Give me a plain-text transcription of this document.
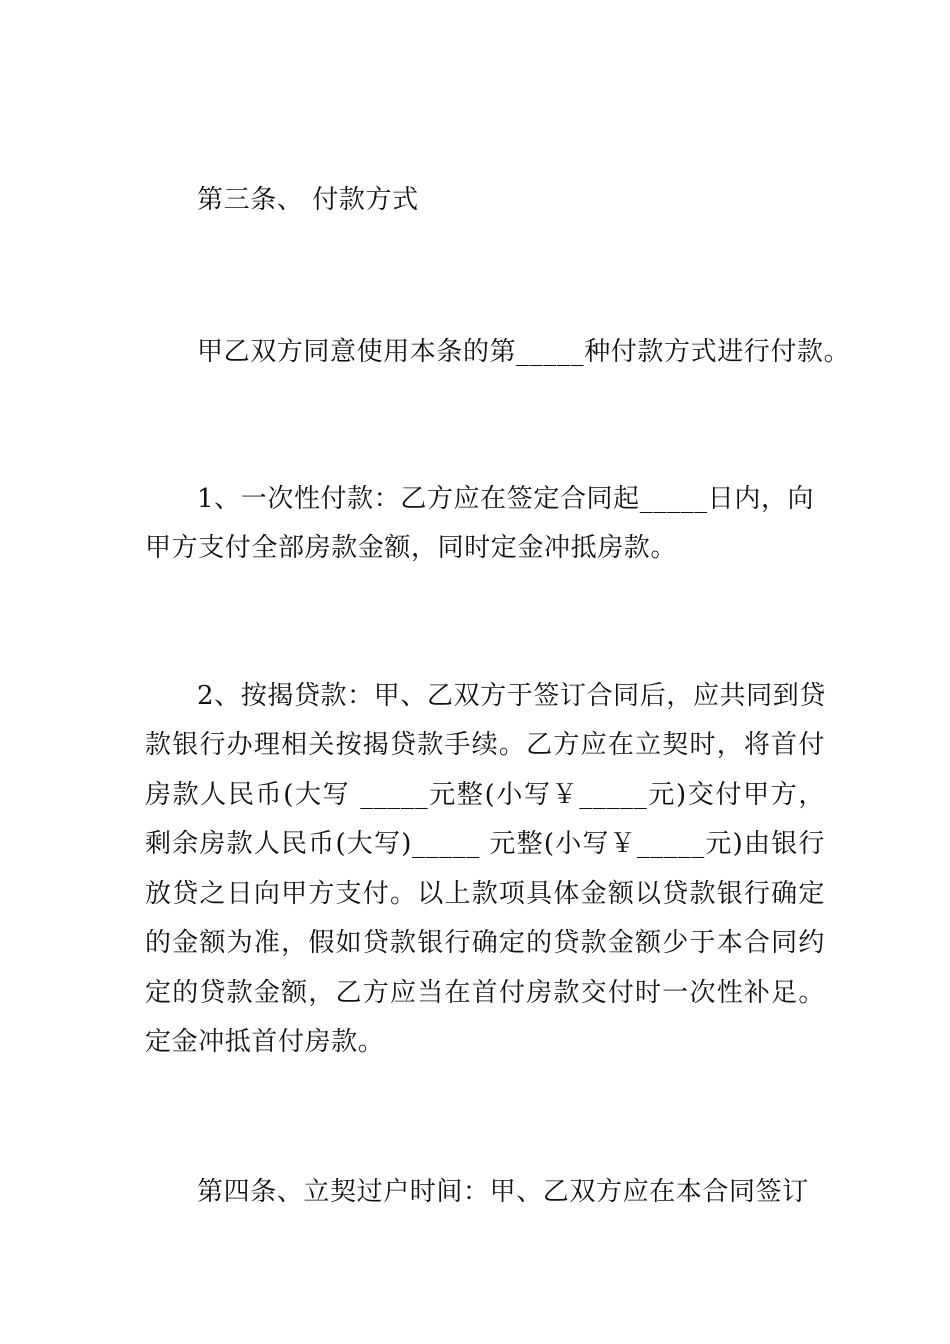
第三条、 付款方式
甲乙双方同意使用本条的第_____种付款方式进行付款。
1、一次性付款：乙方应在签定合同起_____日内，向
甲方支付全部房款金额，同时定金冲抵房款。
2、按揭贷款：甲、乙双方于签订合同后，应共同到贷
款银行办理相关按揭贷款手续。乙方应在立契时，将首付
房款人民币(大写 _____元整(小写￥_____元)交付甲方，
剩余房款人民币(大写)_____ 元整(小写￥_____元)由银行
放贷之日向甲方支付。以上款项具体金额以贷款银行确定
的金额为准，假如贷款银行确定的贷款金额少于本合同约
定的贷款金额，乙方应当在首付房款交付时一次性补足。
定金冲抵首付房款。
第四条、立契过户时间：甲、乙双方应在本合同签订
